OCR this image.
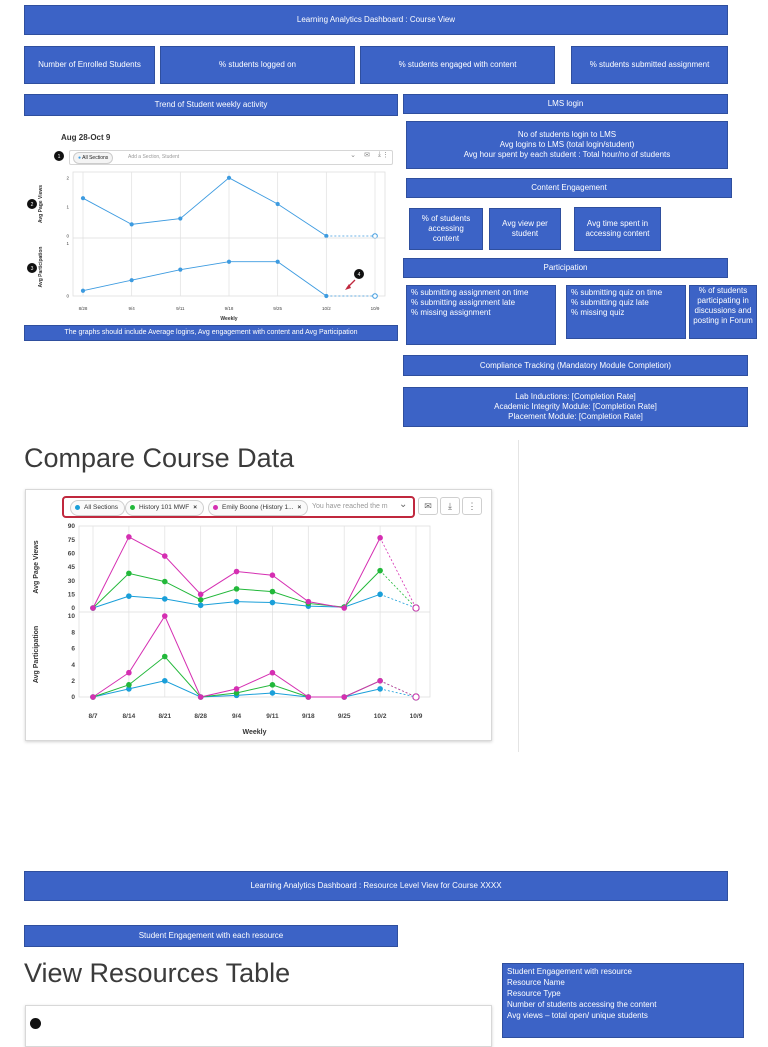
Learning Analytics Dashboard : Course View
Number of Enrolled Students	% students logged on	% students engaged with content	% students submitted assignment
Trend of Student weekly activity
Aug 28-Oct 9
8/28	9/4	9/11	9/18	9/25	10/2	10/9
Weekly
0
1
2
Avg Page Views
0
1
Avg Participation
1
2
3
4
● All Sections	Add a Section, Student	⌄ ✉ ⤓ ⋮
The graphs should include Average logins, Avg engagement with content and Avg Participation
LMS login
No of students login to LMS
Avg logins to LMS (total login/student)
Avg hour spent by each student : Total hour/no of students
Content Engagement
% of students accessing content
Avg view per student
Avg time spent in accessing content
Participation
% submitting assignment on time
% submitting assignment late
% missing assignment
% submitting quiz on time
% submitting quiz late
% missing quiz
% of students participating in discussions and posting in Forum
Compliance Tracking (Mandatory Module Completion)
Lab Inductions: [Completion Rate]
Academic Integrity Module: [Completion Rate]
Placement Module: [Completion Rate]
Compare Course Data
All Sections	History 101 MWF ×	Emily Boone (History 1... ×	You have reached the m ⌄	✉	⤓	⋮
8/7	8/14	8/21	8/28	9/4	9/11	9/18	9/25	10/2	10/9
Weekly
0
15
30
45
60
75
90
Avg Page Views
0
2
4
6
8
10
Avg Participation
Learning Analytics Dashboard : Resource Level View for Course XXXX
Student Engagement with each resource
View Resources Table	Student Engagement with resource
Resource Name
Resource Type
Number of students accessing the content
Avg views – total open/ unique students
